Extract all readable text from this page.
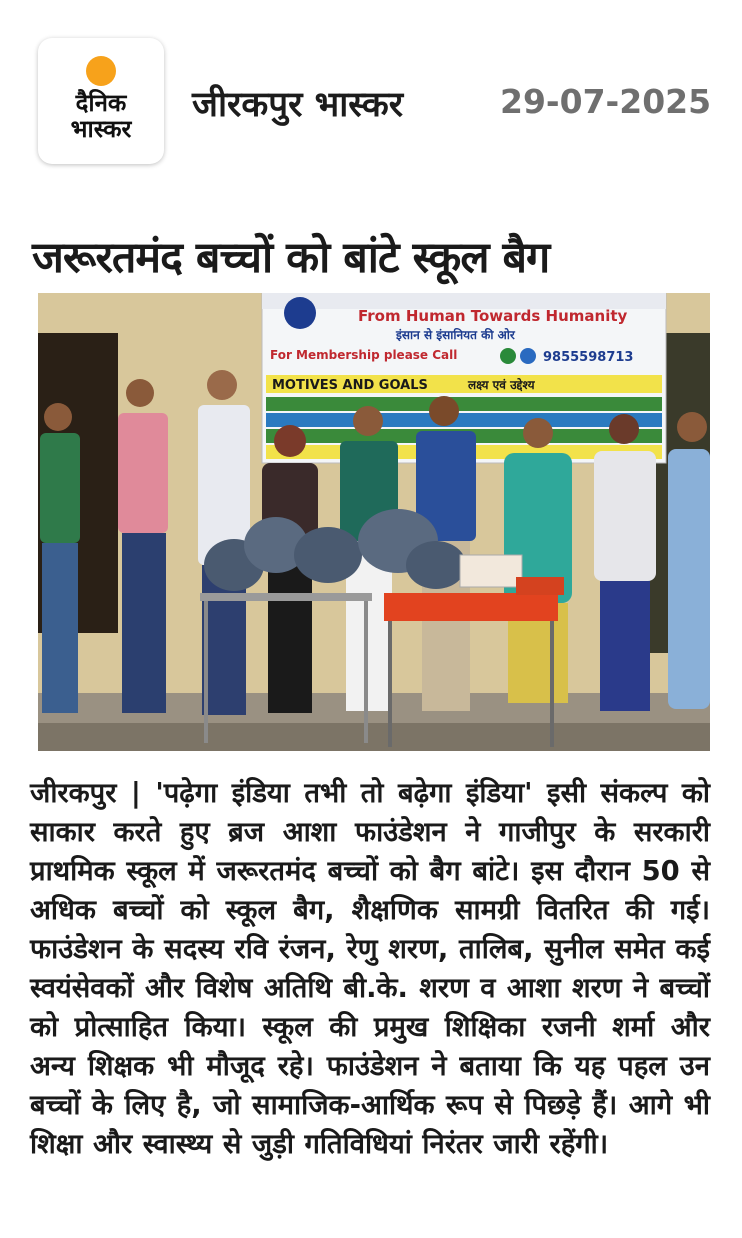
दैनिक
भास्कर
जीरकपुर भास्कर	29-07-2025
जरूरतमंद बच्चों को बांटे स्कूल बैग
From Human Towards Humanity
इंसान से इंसानियत की ओर
For Membership please Call	9855598713
MOTIVES AND GOALS	लक्ष्य एवं उद्देश्य
जीरकपुर | 'पढ़ेगा इंडिया तभी तो बढ़ेगा इंडिया' इसी संकल्प को साकार करते हुए ब्रज आशा फाउंडेशन ने गाजीपुर के सरकारी प्राथमिक स्कूल में जरूरतमंद बच्चों को बैग बांटे। इस दौरान 50 से अधिक बच्चों को स्कूल बैग, शैक्षणिक सामग्री वितरित की गई। फाउंडेशन के सदस्य रवि रंजन, रेणु शरण, तालिब, सुनील समेत कई स्वयंसेवकों और विशेष अतिथि बी.के. शरण व आशा शरण ने बच्चों को प्रोत्साहित किया। स्कूल की प्रमुख शिक्षिका रजनी शर्मा और अन्य शिक्षक भी मौजूद रहे। फाउंडेशन ने बताया कि यह पहल उन बच्चों के लिए है, जो सामाजिक-आर्थिक रूप से पिछड़े हैं। आगे भी शिक्षा और स्वास्थ्य से जुड़ी गतिविधियां निरंतर जारी रहेंगी।
